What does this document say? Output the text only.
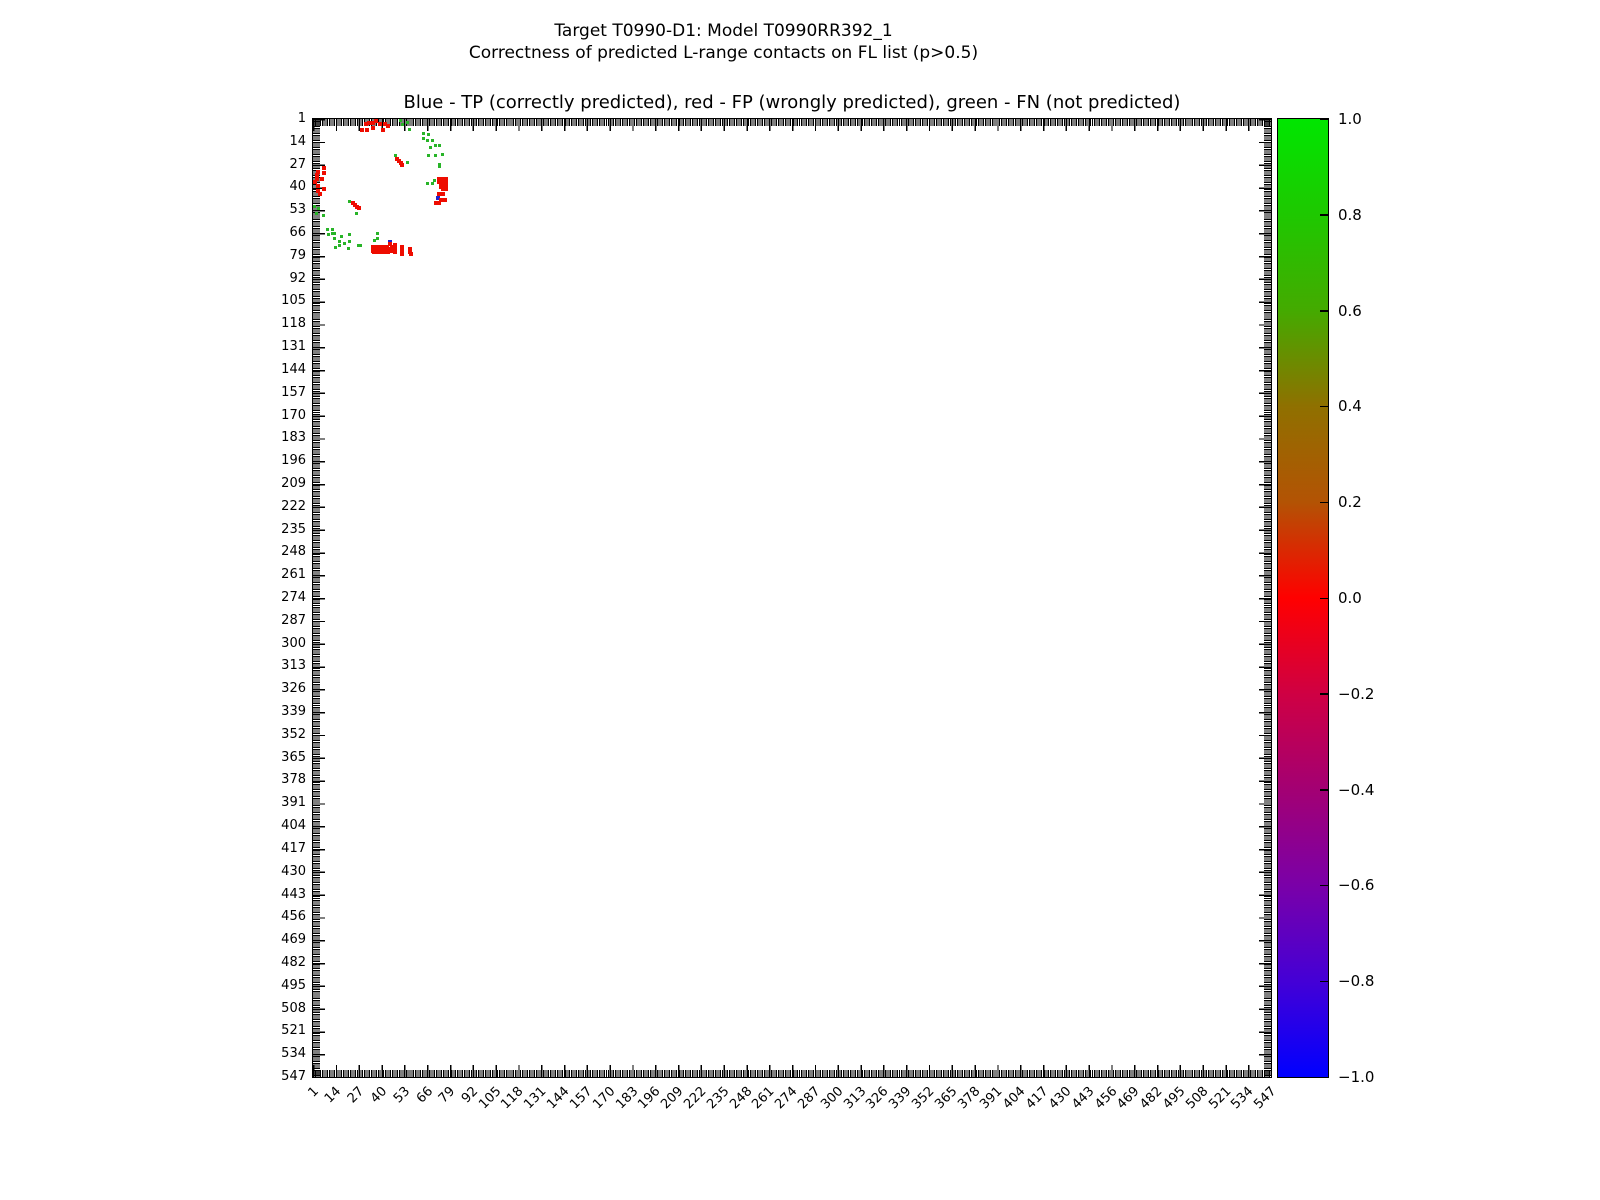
Target T0990-D1: Model T0990RR392_1
Correctness of predicted L-range contacts on FL list (p>0.5)
Blue - TP (correctly predicted), red - FP (wrongly predicted), green - FN (not predicted)
1
14
27
40
53
66
79
92
105
118
131
144
157
170
183
196
209
222
235
248
261
274
287
300
313
326
339
352
365
378
391
404
417
430
443
456
469
482
495
508
521
534
547
1 14 27 40 53 66 79 92
105
118
131
144
157
170
183
196
209
222
235
248
261
274
287
300
313
326
339
352
365
378
391
404
417
430
443
456
469
482
495
508
521
534
547
1.0
0.8
0.6
0.4
0.2
0.0
−0.2
−0.4
−0.6
−0.8
−1.0
